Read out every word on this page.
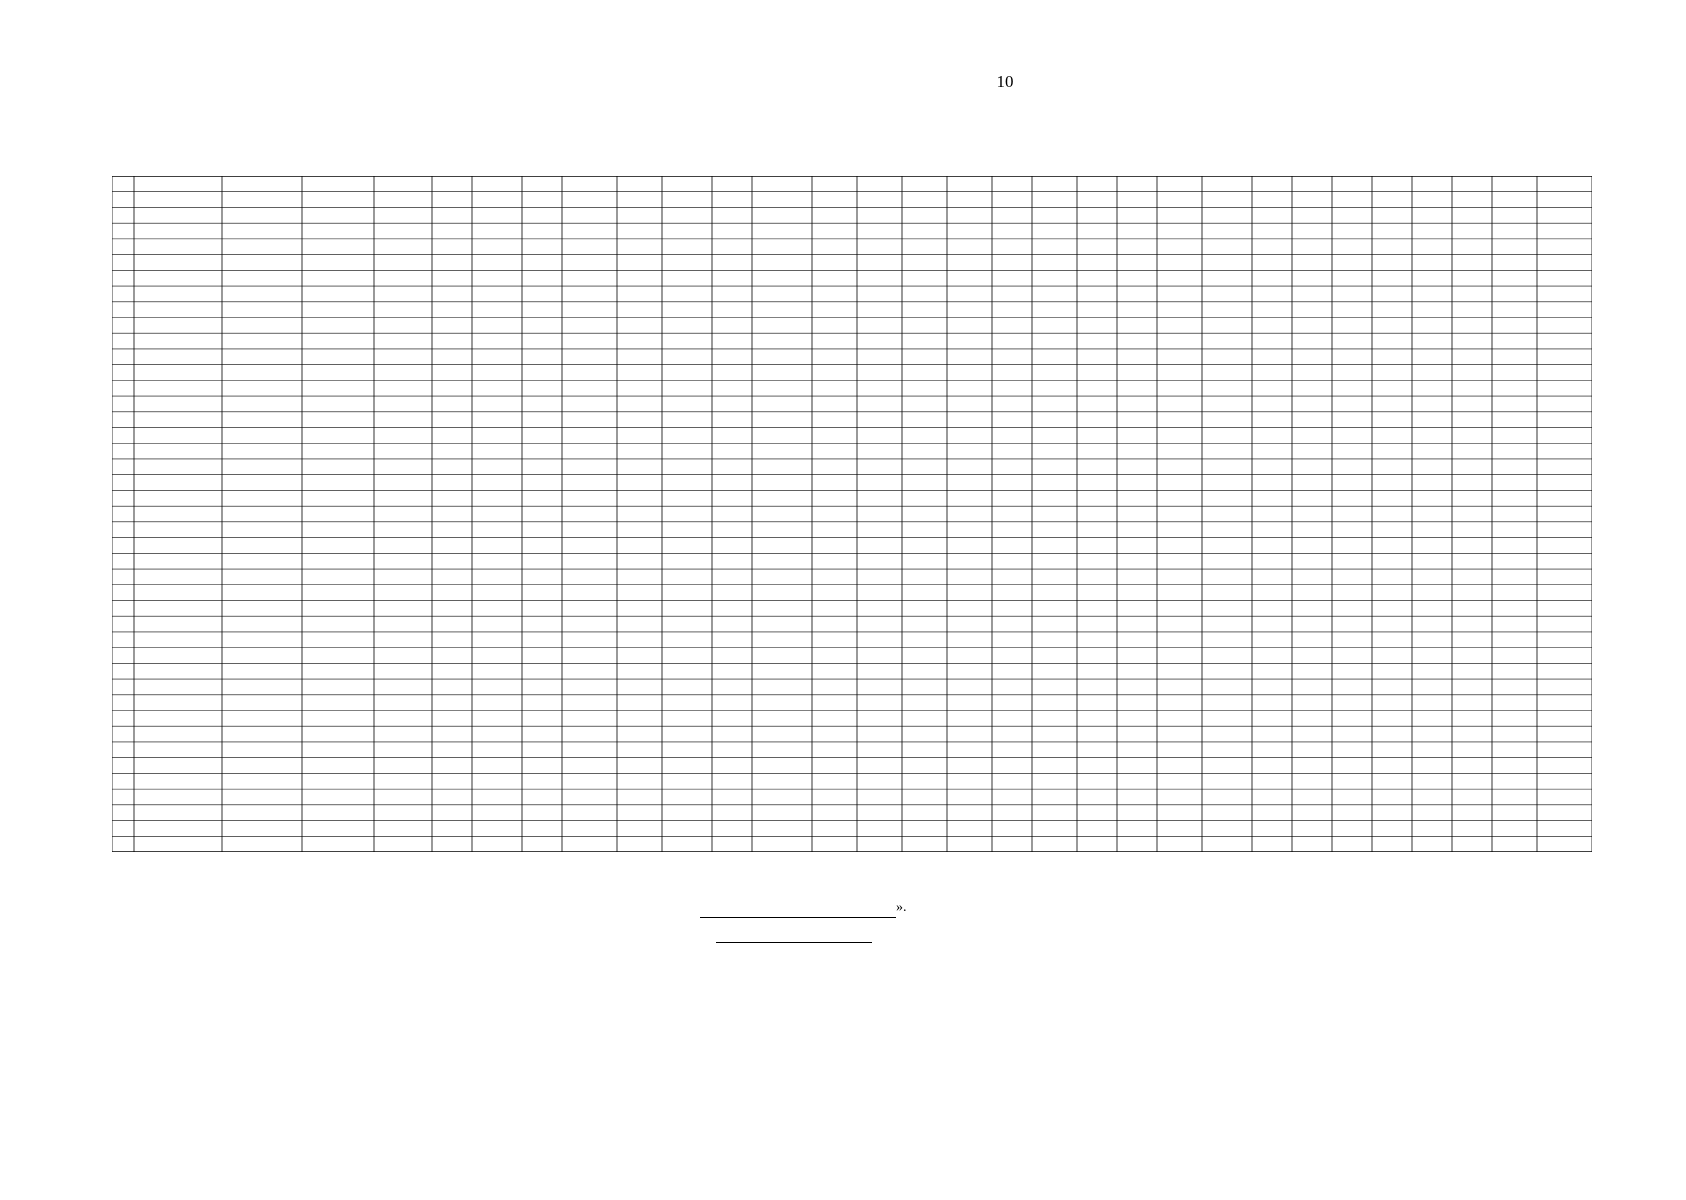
10
».
